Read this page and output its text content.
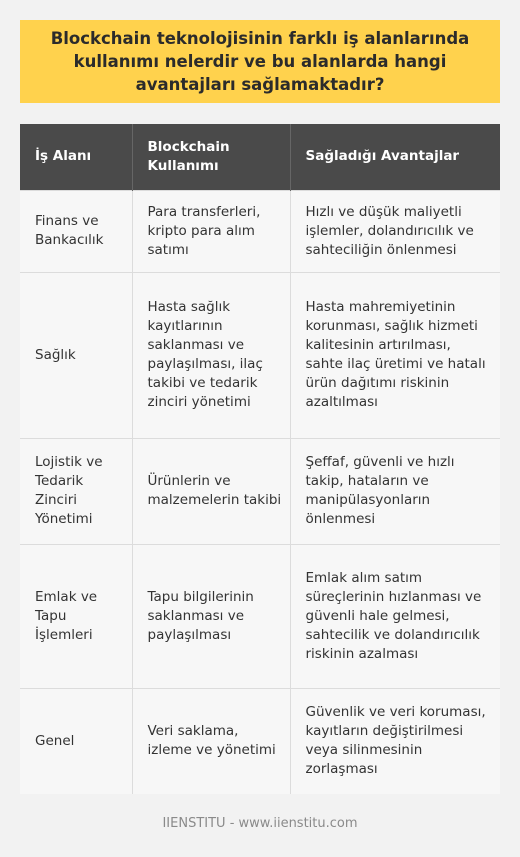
Blockchain teknolojisinin farklı iş alanlarında kullanımı nelerdir ve bu alanlarda hangi avantajları sağlamaktadır?
İş Alanı	Blockchain Kullanımı	Sağladığı Avantajlar
Finans ve Bankacılık	Para transferleri, kripto para alım satımı	Hızlı ve düşük maliyetli işlemler, dolandırıcılık ve sahteciliğin önlenmesi
Sağlık	Hasta sağlık kayıtlarının saklanması ve paylaşılması, ilaç takibi ve tedarik zinciri yönetimi	Hasta mahremiyetinin korunması, sağlık hizmeti kalitesinin artırılması, sahte ilaç üretimi ve hatalı ürün dağıtımı riskinin azaltılması
Lojistik ve Tedarik Zinciri Yönetimi	Ürünlerin ve malzemelerin takibi	Şeffaf, güvenli ve hızlı takip, hataların ve manipülasyonların önlenmesi
Emlak ve Tapu İşlemleri	Tapu bilgilerinin saklanması ve paylaşılması	Emlak alım satım süreçlerinin hızlanması ve güvenli hale gelmesi, sahtecilik ve dolandırıcılık riskinin azalması
Genel	Veri saklama, izleme ve yönetimi	Güvenlik ve veri koruması, kayıtların değiştirilmesi veya silinmesinin zorlaşması
IIENSTITU - www.iienstitu.com
